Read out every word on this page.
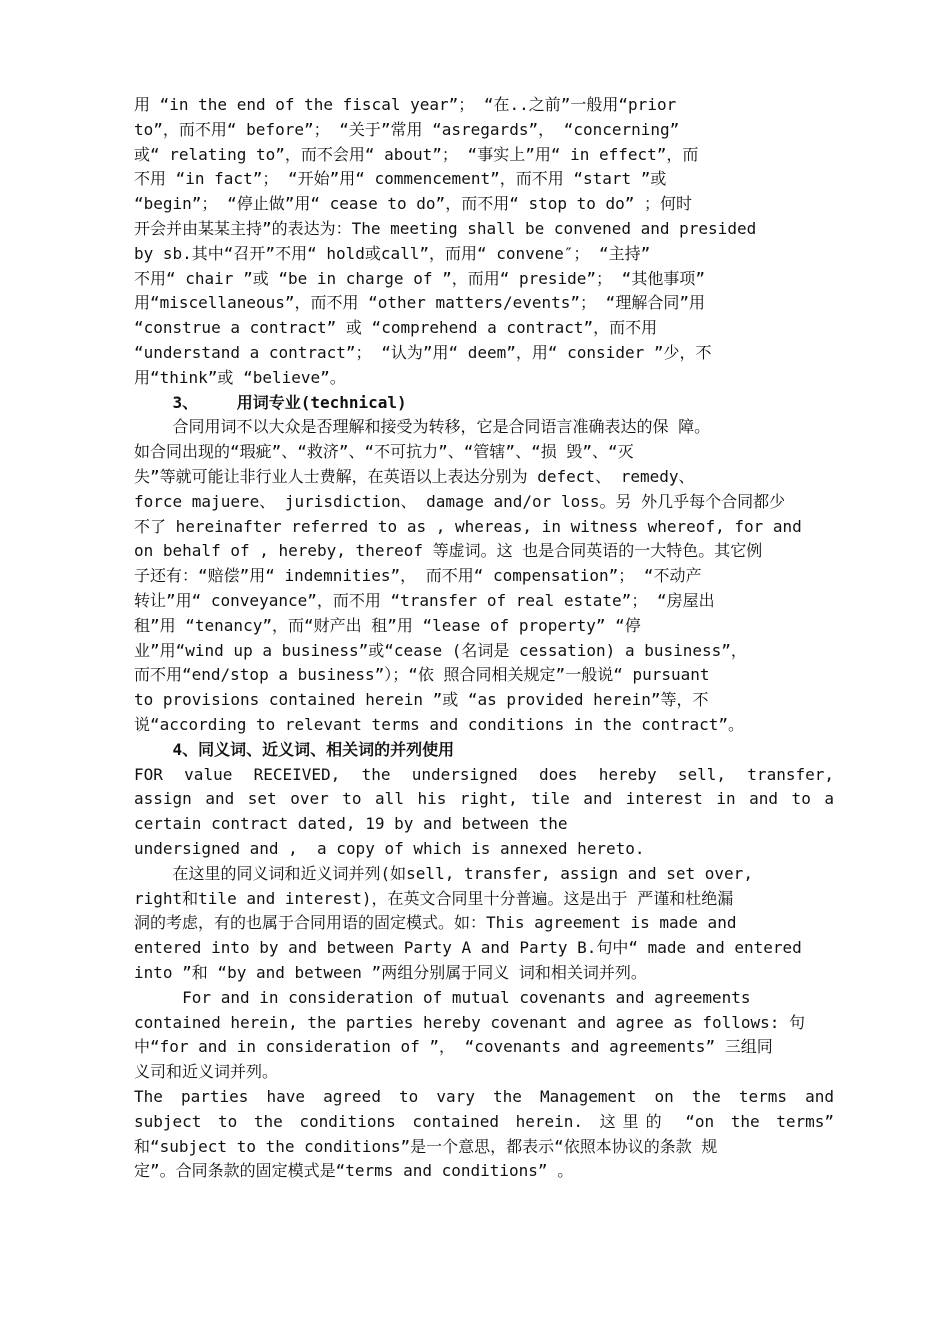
用 “in the end of the fiscal year”； “在..之前”一般用“prior
to”，而不用“ before”； “关于”常用 “asregards”， “concerning”
或“ relating to”，而不会用“ about”； “事实上”用“ in effect”，而
不用 “in fact”； “开始”用“ commencement”，而不用 “start ”或
“begin”； “停止做”用“ cease to do”，而不用“ stop to do” ；何时
开会并由某某主持”的表达为：The meeting shall be convened and presided
by sb.其中“召开”不用“ hold或call”，而用“ convene″； “主持”
不用“ chair ”或 “be in charge of ”，而用“ preside”； “其他事项”
用“miscellaneous”，而不用 “other matters/events”； “理解合同”用
“construe a contract” 或 “comprehend a contract”，而不用
“understand a contract”； “认为”用“ deem”，用“ consider ”少，不
用“think”或 “believe”。
3、    用词专业(technical)
合同用词不以大众是否理解和接受为转移，它是合同语言准确表达的保 障。
如合同出现的“瑕疵”、“救济”、“不可抗力”、“管辖”、“损 毁”、“灭
失”等就可能让非行业人士费解，在英语以上表达分别为 defect、 remedy、
force majuere、 jurisdiction、 damage and/or loss。另 外几乎每个合同都少
不了 hereinafter referred to as , whereas, in witness whereof, for and
on behalf of , hereby, thereof 等虚词。这 也是合同英语的一大特色。其它例
子还有：“赔偿”用“ indemnities”， 而不用“ compensation”； “不动产
转让”用“ conveyance”，而不用 “transfer of real estate”； “房屋出
租”用 “tenancy”，而“财产出 租”用 “lease of property” “停
业”用“wind up a business”或“cease (名词是 cessation) a business”，
而不用“end/stop a business”）；“依 照合同相关规定”一般说“ pursuant
to provisions contained herein ”或 “as provided herein”等，不
说“according to relevant terms and conditions in the contract”。
4、同义词、近义词、相关词的并列使用
FOR value RECEIVED, the undersigned does hereby sell, transfer,
assign and set over to all his right, tile and interest in and to a
certain contract dated, 19 by and between the
undersigned and ,  a copy of which is annexed hereto.
在这里的同义词和近义词并列(如sell, transfer, assign and set over,
right和tile and interest)，在英文合同里十分普遍。这是出于 严谨和杜绝漏
洞的考虑，有的也属于合同用语的固定模式。如：This agreement is made and
entered into by and between Party A and Party B.句中“ made and entered
into ”和 “by and between ”两组分别属于同义 词和相关词并列。
For and in consideration of mutual covenants and agreements
contained herein, the parties hereby covenant and agree as follows: 句
中“for and in consideration of ”， “covenants and agreements” 三组同
义司和近义词并列。
The parties have agreed to vary the Management on the terms and
subject to the conditions contained herein. 这里的 “on the terms”
和“subject to the conditions”是一个意思，都表示“依照本协议的条款 规
定”。合同条款的固定模式是“terms and conditions” 。
